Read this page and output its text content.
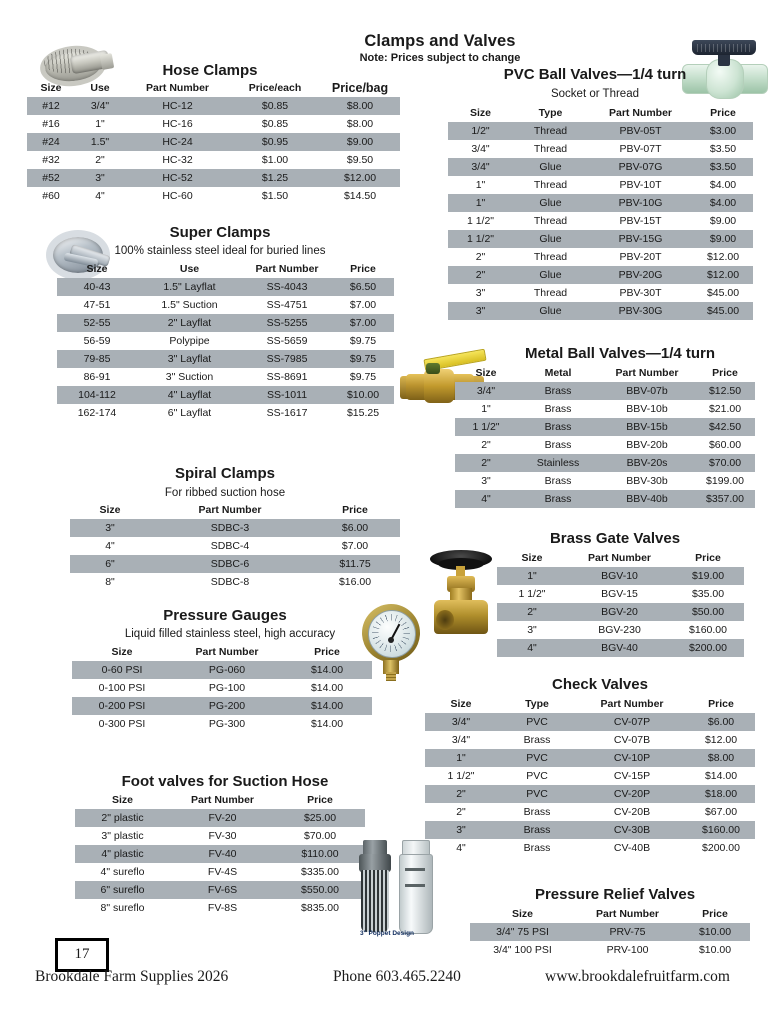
Clamps and Valves
Note: Prices subject to change
Hose Clamps
Size	Use	Part Number	Price/each	Price/bag
#12	3/4"	HC-12	$0.85	$8.00
#16	1"	HC-16	$0.85	$8.00
#24	1.5"	HC-24	$0.95	$9.00
#32	2"	HC-32	$1.00	$9.50
#52	3"	HC-52	$1.25	$12.00
#60	4"	HC-60	$1.50	$14.50
Super Clamps
100% stainless steel ideal for buried lines
Size	Use	Part Number	Price
40-43	1.5" Layflat	SS-4043	$6.50
47-51	1.5" Suction	SS-4751	$7.00
52-55	2" Layflat	SS-5255	$7.00
56-59	Polypipe	SS-5659	$9.75
79-85	3" Layflat	SS-7985	$9.75
86-91	3" Suction	SS-8691	$9.75
104-112	4" Layflat	SS-1011	$10.00
162-174	6" Layflat	SS-1617	$15.25
Spiral Clamps
For ribbed suction hose
Size	Part Number	Price
3"	SDBC-3	$6.00
4"	SDBC-4	$7.00
6"	SDBC-6	$11.75
8"	SDBC-8	$16.00
Pressure Gauges
Liquid filled stainless steel, high accuracy
Size	Part Number	Price
0-60 PSI	PG-060	$14.00
0-100 PSI	PG-100	$14.00
0-200 PSI	PG-200	$14.00
0-300 PSI	PG-300	$14.00
Foot valves for Suction Hose
Size	Part Number	Price
2" plastic	FV-20	$25.00
3" plastic	FV-30	$70.00
4" plastic	FV-40	$110.00
4" sureflo	FV-4S	$335.00
6" sureflo	FV-6S	$550.00
8" sureflo	FV-8S	$835.00
3" Poppet Design
PVC Ball Valves—1/4 turn
Socket or Thread
Size	Type	Part Number	Price
1/2"	Thread	PBV-05T	$3.00
3/4"	Thread	PBV-07T	$3.50
3/4"	Glue	PBV-07G	$3.50
1"	Thread	PBV-10T	$4.00
1"	Glue	PBV-10G	$4.00
1 1/2"	Thread	PBV-15T	$9.00
1 1/2"	Glue	PBV-15G	$9.00
2"	Thread	PBV-20T	$12.00
2"	Glue	PBV-20G	$12.00
3"	Thread	PBV-30T	$45.00
3"	Glue	PBV-30G	$45.00
Metal Ball Valves—1/4 turn
Size	Metal	Part Number	Price
3/4"	Brass	BBV-07b	$12.50
1"	Brass	BBV-10b	$21.00
1 1/2"	Brass	BBV-15b	$42.50
2"	Brass	BBV-20b	$60.00
2"	Stainless	BBV-20s	$70.00
3"	Brass	BBV-30b	$199.00
4"	Brass	BBV-40b	$357.00
Brass Gate Valves
Size	Part Number	Price
1"	BGV-10	$19.00
1 1/2"	BGV-15	$35.00
2"	BGV-20	$50.00
3"	BGV-230	$160.00
4"	BGV-40	$200.00
Check Valves
Size	Type	Part Number	Price
3/4"	PVC	CV-07P	$6.00
3/4"	Brass	CV-07B	$12.00
1"	PVC	CV-10P	$8.00
1 1/2"	PVC	CV-15P	$14.00
2"	PVC	CV-20P	$18.00
2"	Brass	CV-20B	$67.00
3"	Brass	CV-30B	$160.00
4"	Brass	CV-40B	$200.00
Pressure Relief Valves
Size	Part Number	Price
3/4" 75 PSI	PRV-75	$10.00
3/4" 100 PSI	PRV-100	$10.00
17
Brookdale Farm Supplies 2026	Phone 603.465.2240	www.brookdalefruitfarm.com
